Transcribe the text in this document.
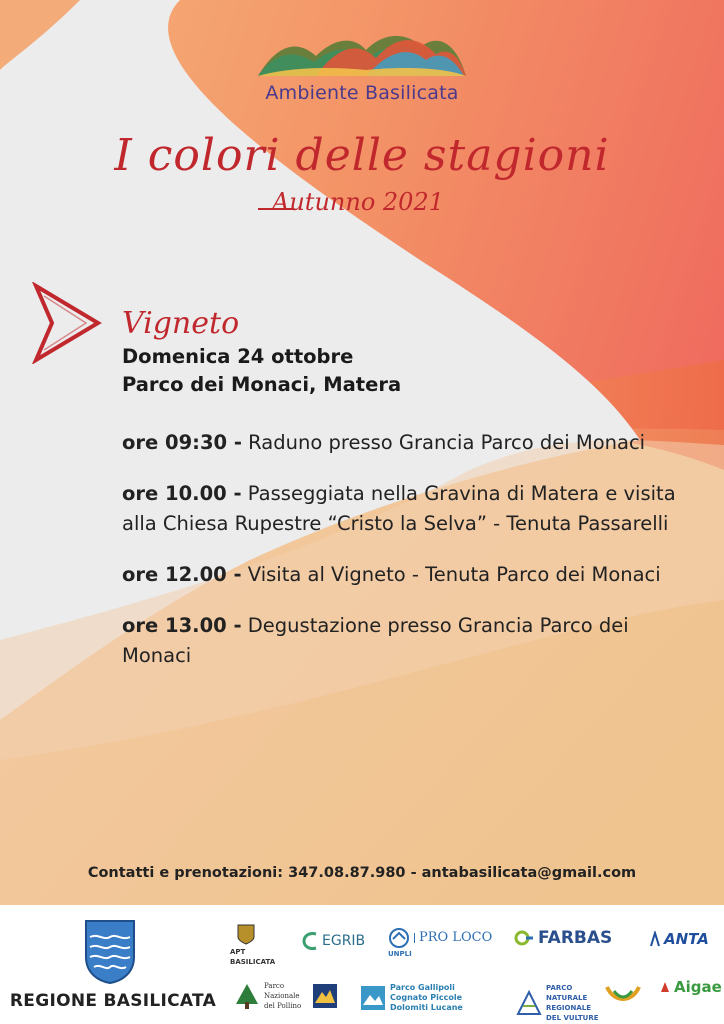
Ambiente Basilicata
I colori delle stagioni
Autunno 2021
Vigneto
Domenica 24 ottobre
Parco dei Monaci, Matera

ore 09:30 - Raduno presso Grancia Parco dei Monaci

ore 10.00 - Passeggiata nella Gravina di Matera e visita alla Chiesa Rupestre “Cristo la Selva” - Tenuta Passarelli

ore 12.00 - Visita al Vigneto - Tenuta Parco dei Monaci

ore 13.00 - Degustazione presso Grancia Parco dei Monaci

Contatti e prenotazioni: 347.08.87.980 - antabasilicata@gmail.com
REGIONE BASILICATA
APT BASILICATA
EGRIB
UNPLI
PRO LOCO	FARBAS	ANTA
Parco Nazionale del Pollino
Parco Gallipoli Cognato Piccole Dolomiti Lucane
PARCO NATURALE REGIONALE DEL VULTURE
Aigae
